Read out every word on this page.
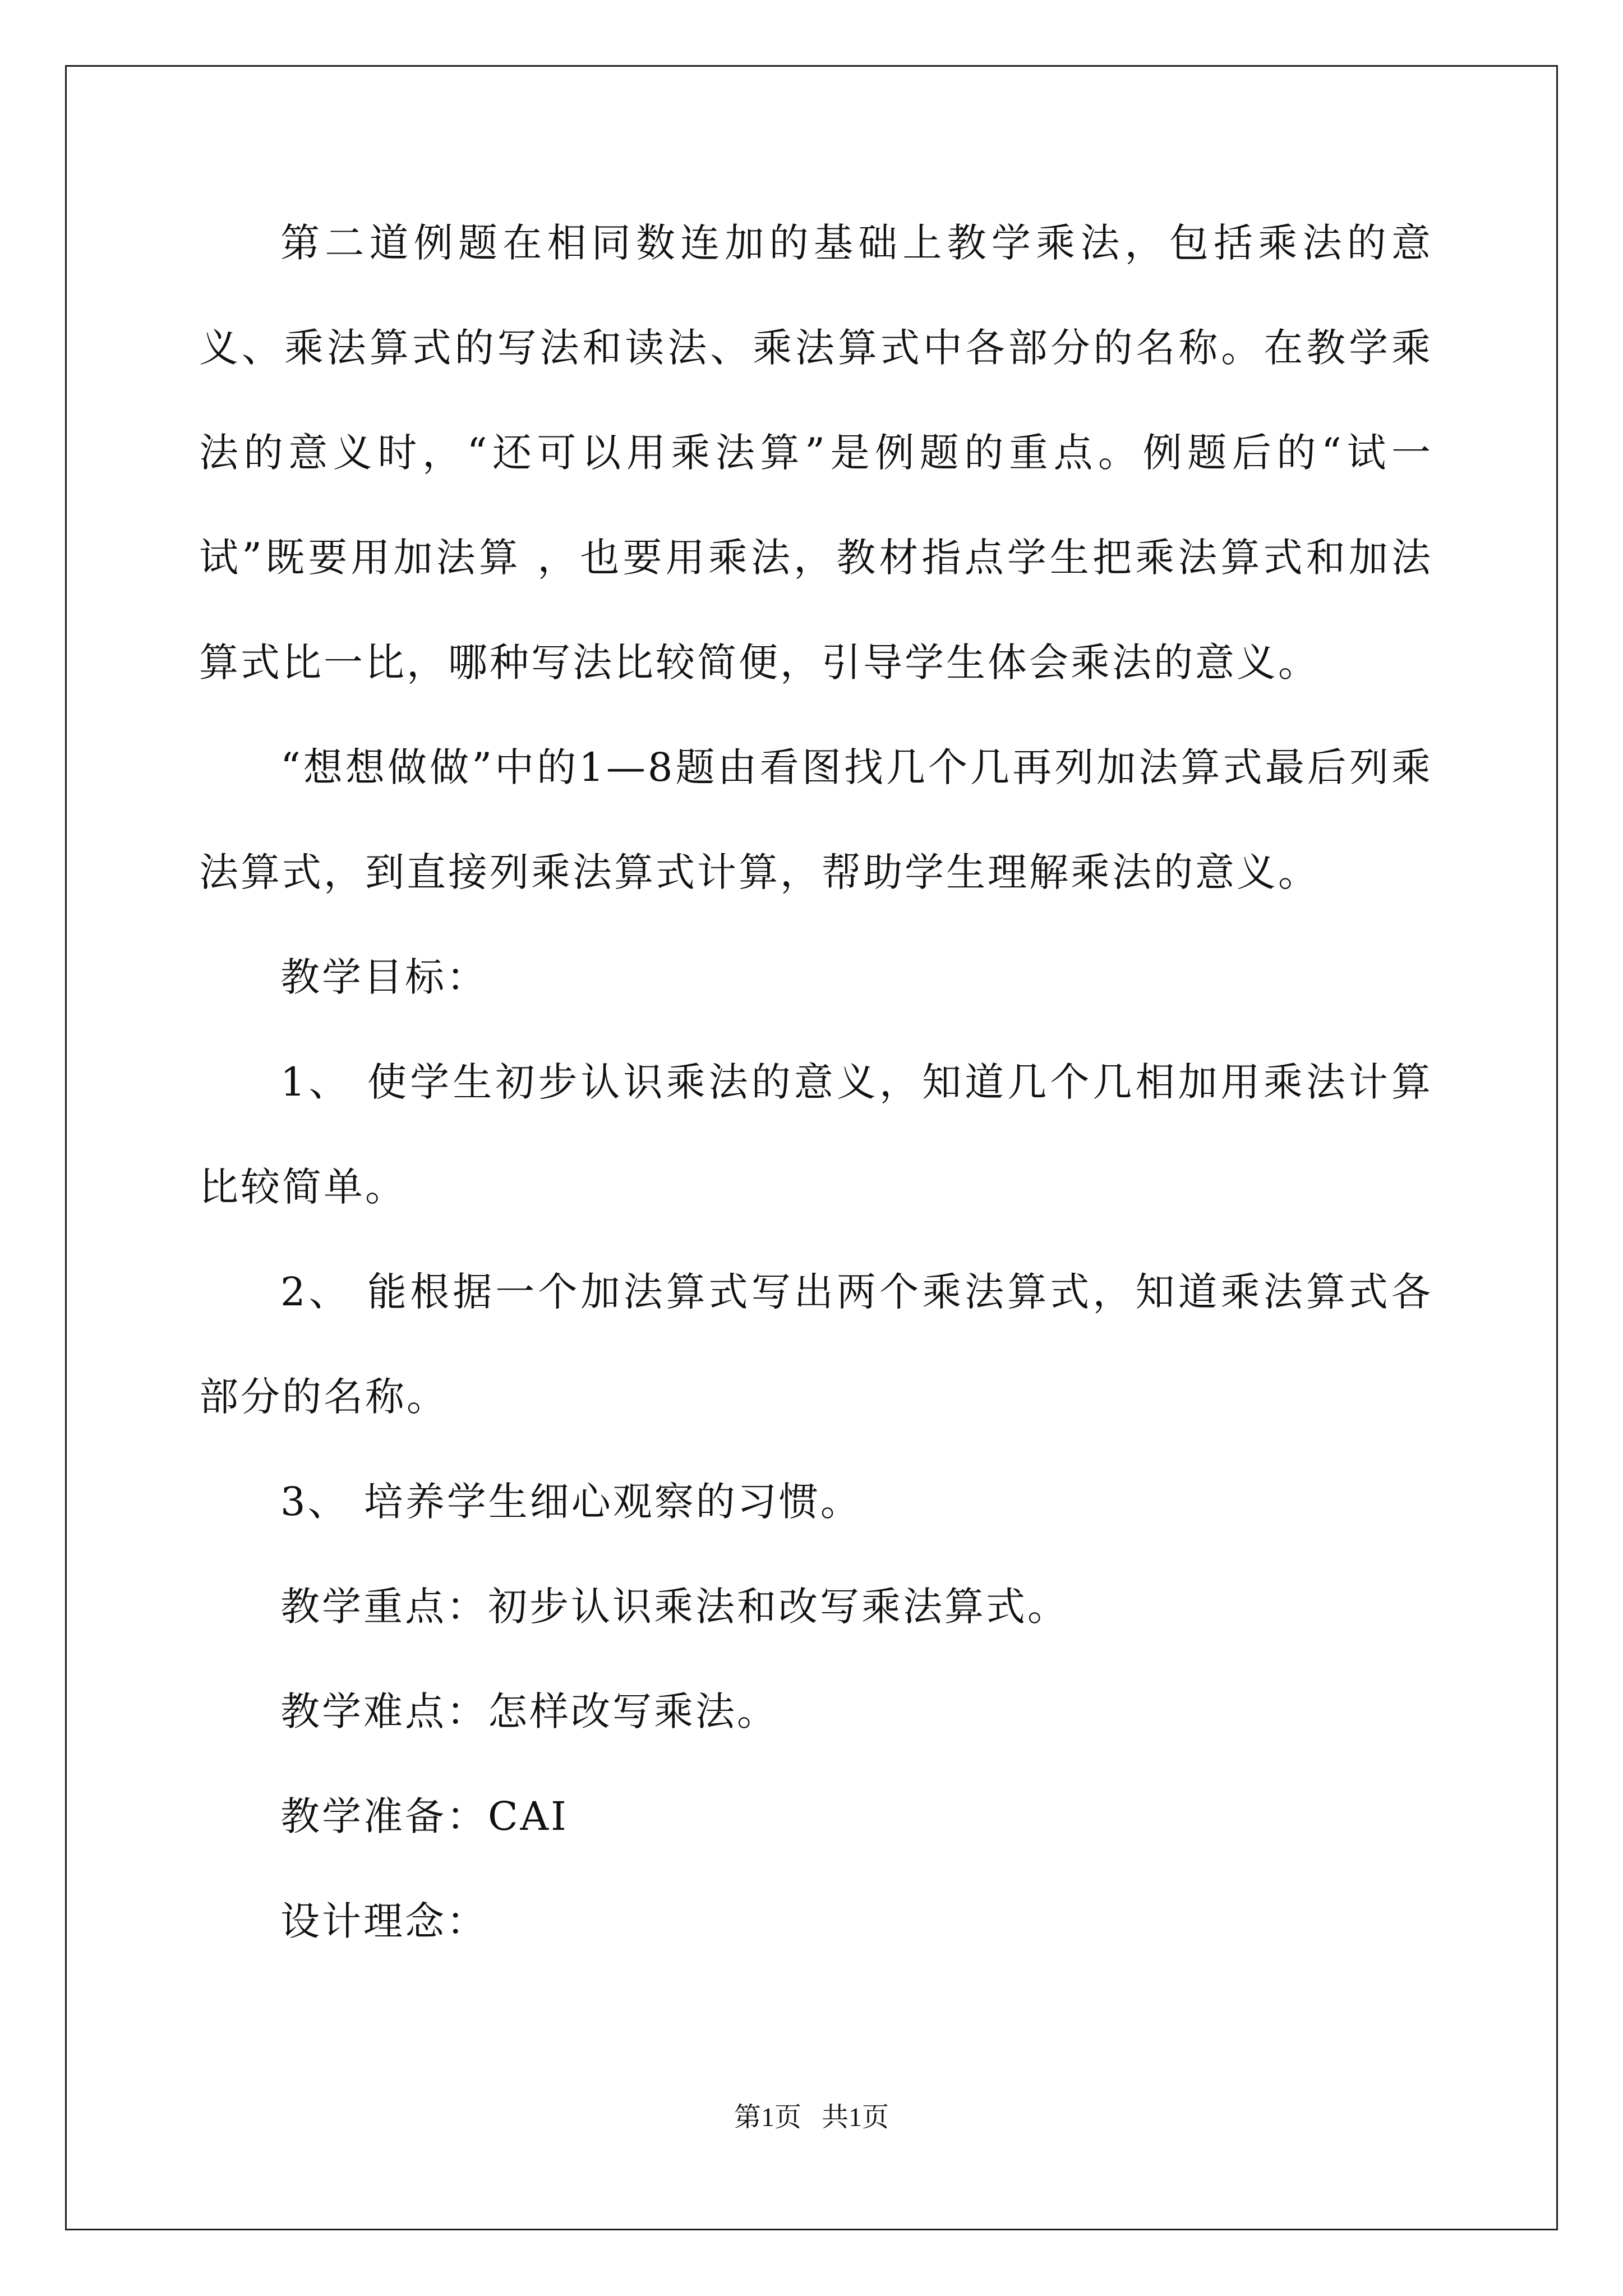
第二道例题在相同数连加的基础上教学乘法，包括乘法的意义、乘法算式的写法和读法、乘法算式中各部分的名称。在教学乘法的意义时，“还可以用乘法算”是例题的重点。例题后的“试一试”既要用加法算 ，也要用乘法，教材指点学生把乘法算式和加法算式比一比，哪种写法比较简便，引导学生体会乘法的意义。

“想想做做”中的1—8题由看图找几个几再列加法算式最后列乘法算式，到直接列乘法算式计算，帮助学生理解乘法的意义。

教学目标：

1、 使学生初步认识乘法的意义，知道几个几相加用乘法计算比较简单。

2、 能根据一个加法算式写出两个乘法算式，知道乘法算式各部分的名称。

3、 培养学生细心观察的习惯。

教学重点：初步认识乘法和改写乘法算式。

教学难点：怎样改写乘法。

教学准备：CAI

设计理念：

第1页 共1页
